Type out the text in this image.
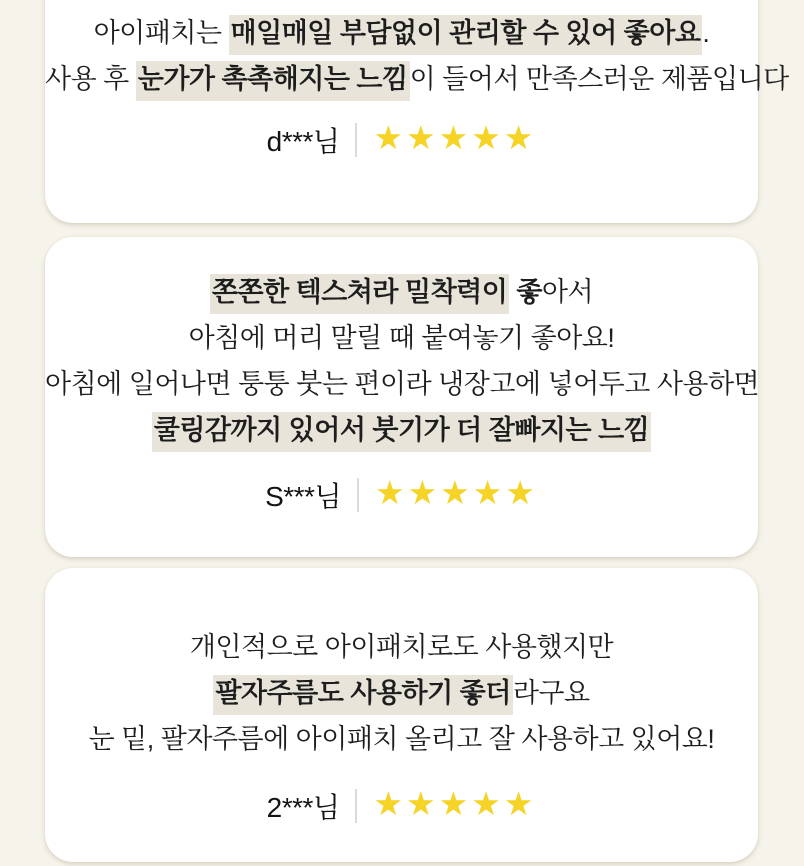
아이패치는 매일매일 부담없이 관리할 수 있어 좋아요.
사용 후 눈가가 촉촉해지는 느낌이 들어서 만족스러운 제품입니다
d***님 ★★★★★
쫀쫀한 텍스쳐라 밀착력이 좋아서
아침에 머리 말릴 때 붙여놓기 좋아요!
아침에 일어나면 퉁퉁 붓는 편이라 냉장고에 넣어두고 사용하면
쿨링감까지 있어서 붓기가 더 잘빠지는 느낌
S***님 ★★★★★
개인적으로 아이패치로도 사용했지만
팔자주름도 사용하기 좋더라구요
눈 밑, 팔자주름에 아이패치 올리고 잘 사용하고 있어요!
2***님 ★★★★★
